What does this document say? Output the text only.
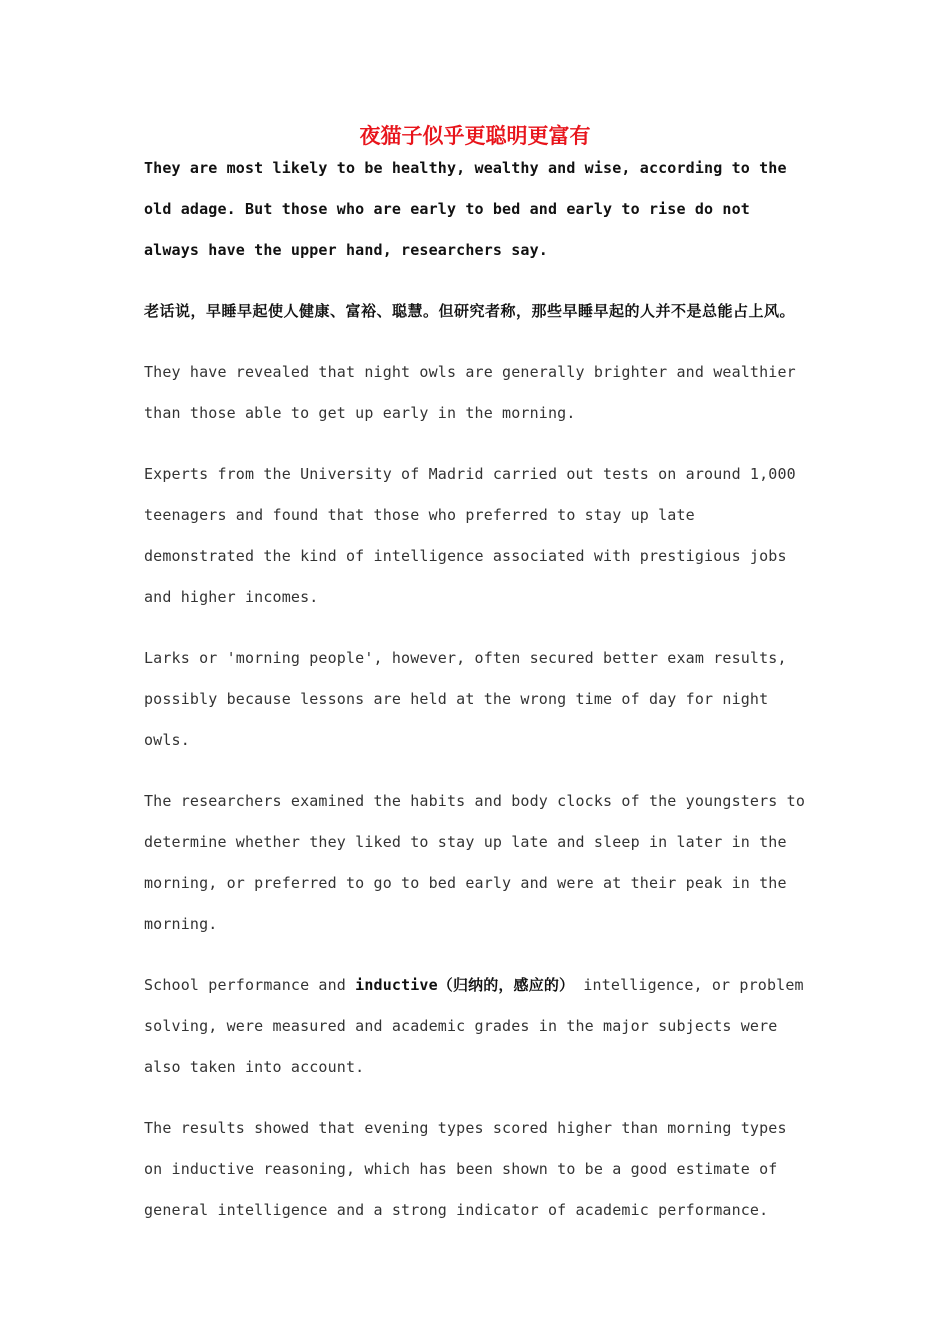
夜猫子似乎更聪明更富有

They are most likely to be healthy, wealthy and wise, according to the old adage. But those who are early to bed and early to rise do not always have the upper hand, researchers say.

老话说，早睡早起使人健康、富裕、聪慧。但研究者称，那些早睡早起的人并不是总能占上风。

They have revealed that night owls are generally brighter and wealthier than those able to get up early in the morning.

Experts from the University of Madrid carried out tests on around 1,000 teenagers and found that those who preferred to stay up late demonstrated the kind of intelligence associated with prestigious jobs and higher incomes.

Larks or 'morning people', however, often secured better exam results, possibly because lessons are held at the wrong time of day for night owls.

The researchers examined the habits and body clocks of the youngsters to determine whether they liked to stay up late and sleep in later in the morning, or preferred to go to bed early and were at their peak in the morning.

School performance and inductive（归纳的，感应的） intelligence, or problem solving, were measured and academic grades in the major subjects were also taken into account.

The results showed that evening types scored higher than morning types on inductive reasoning, which has been shown to be a good estimate of general intelligence and a strong indicator of academic performance.
